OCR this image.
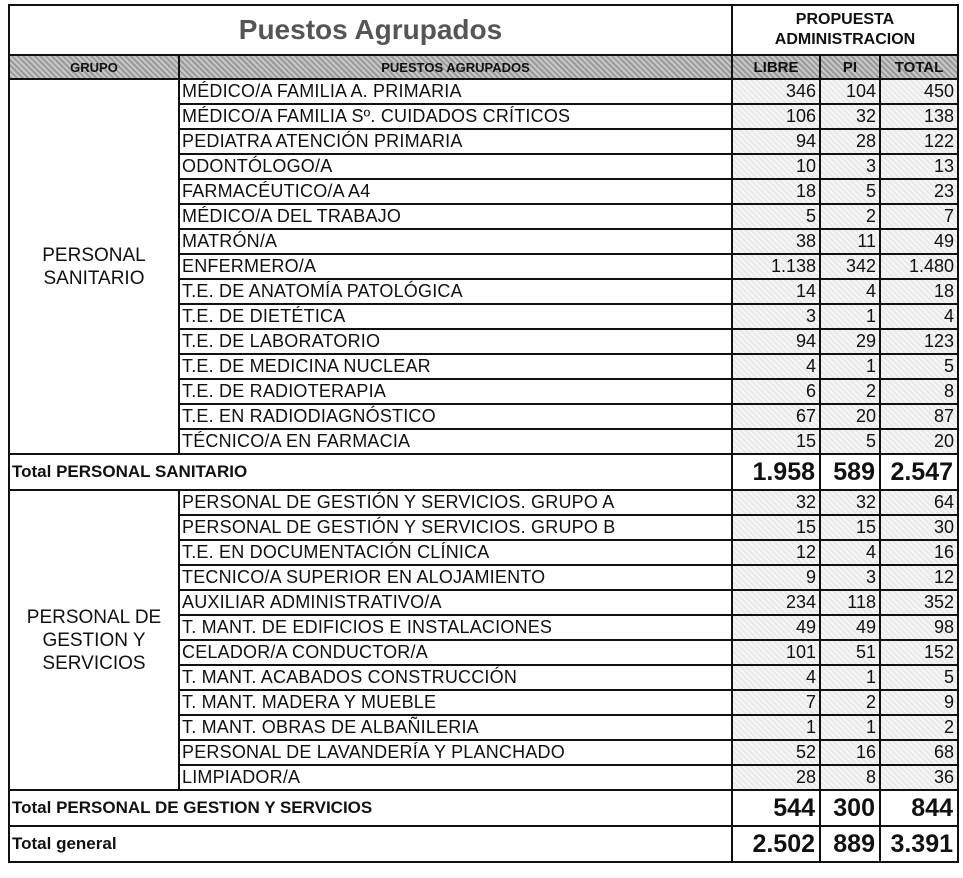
Puestos Agrupados		PROPUESTA
ADMINISTRACION		

GRUPO	PUESTOS AGRUPADOS	LIBRE	PI	TOTAL

PERSONAL
SANITARIO	MÉDICO/A FAMILIA A. PRIMARIA	346	104	450
	MÉDICO/A FAMILIA Sº. CUIDADOS CRÍTICOS	106	32	138
	PEDIATRA ATENCIÓN PRIMARIA	94	28	122
	ODONTÓLOGO/A	10	3	13
	FARMACÉUTICO/A A4	18	5	23
	MÉDICO/A DEL TRABAJO	5	2	7
	MATRÓN/A	38	11	49
	ENFERMERO/A	1.138	342	1.480
	T.E. DE ANATOMÍA PATOLÓGICA	14	4	18
	T.E. DE DIETÉTICA	3	1	4
	T.E. DE LABORATORIO	94	29	123
	T.E. DE MEDICINA NUCLEAR	4	1	5
	T.E. DE RADIOTERAPIA	6	2	8
	T.E. EN RADIODIAGNÓSTICO	67	20	87
	TÉCNICO/A EN FARMACIA	15	5	20
Total PERSONAL SANITARIO		1.958	589	2.547

PERSONAL DE
GESTION Y
SERVICIOS	PERSONAL DE GESTIÓN Y SERVICIOS. GRUPO A	32	32	64
	PERSONAL DE GESTIÓN Y SERVICIOS. GRUPO B	15	15	30
	T.E. EN DOCUMENTACIÓN CLÍNICA	12	4	16
	TECNICO/A SUPERIOR EN ALOJAMIENTO	9	3	12
	AUXILIAR ADMINISTRATIVO/A	234	118	352
	T. MANT. DE EDIFICIOS E INSTALACIONES	49	49	98
	CELADOR/A CONDUCTOR/A	101	51	152
	T. MANT. ACABADOS CONSTRUCCIÓN	4	1	5
	T. MANT. MADERA Y MUEBLE	7	2	9
	T. MANT. OBRAS DE ALBAÑILERIA	1	1	2
	PERSONAL DE LAVANDERÍA Y PLANCHADO	52	16	68
	LIMPIADOR/A	28	8	36
Total PERSONAL DE GESTION Y SERVICIOS		544	300	844
Total general		2.502	889	3.391
